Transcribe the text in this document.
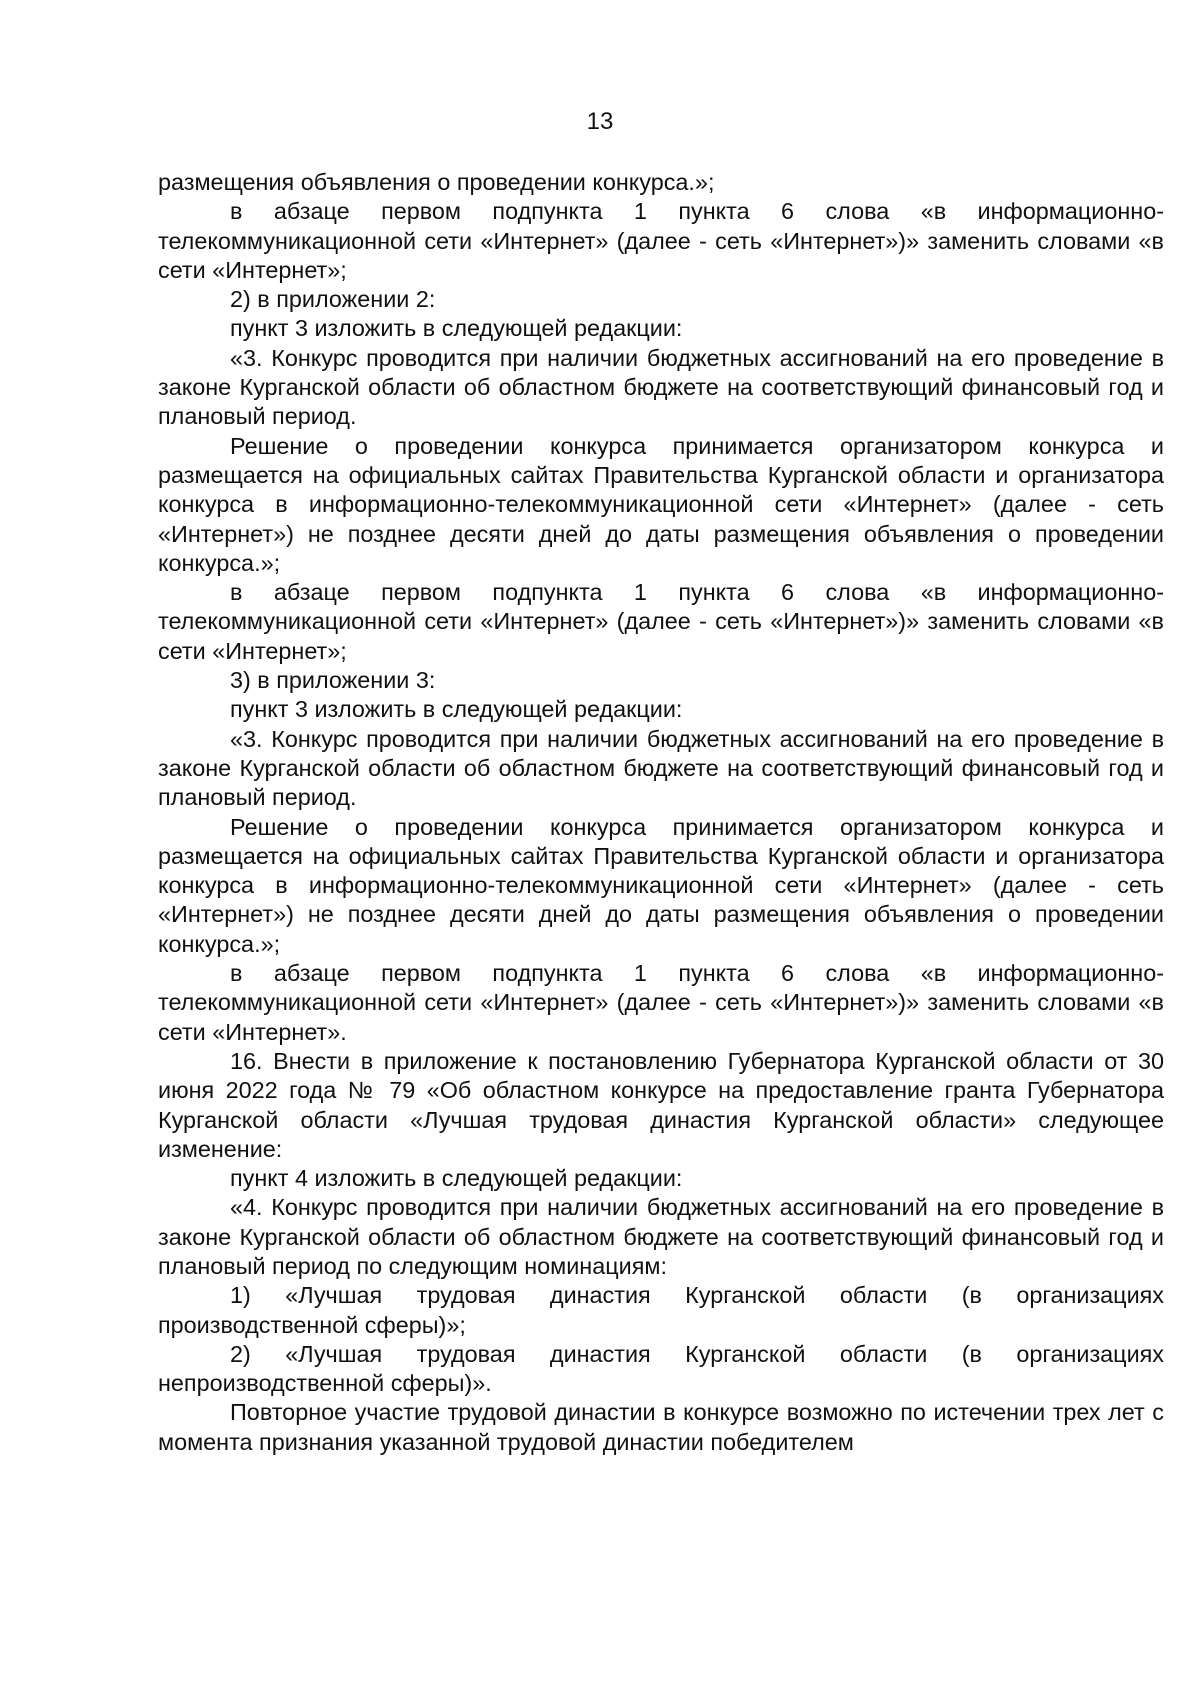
13

размещения объявления о проведении конкурса.»;

в абзаце первом подпункта 1 пункта 6 слова «в информационно-телекоммуникационной сети «Интернет» (далее - сеть «Интернет»)» заменить словами «в сети «Интернет»;

2) в приложении 2:

пункт 3 изложить в следующей редакции:

«3. Конкурс проводится при наличии бюджетных ассигнований на его проведение в законе Курганской области об областном бюджете на соответствующий финансовый год и плановый период.

Решение о проведении конкурса принимается организатором конкурса и размещается на официальных сайтах Правительства Курганской области и организатора конкурса в информационно-телекоммуникационной сети «Интернет» (далее - сеть «Интернет») не позднее десяти дней до даты размещения объявления о проведении конкурса.»;

в абзаце первом подпункта 1 пункта 6 слова «в информационно-телекоммуникационной сети «Интернет» (далее - сеть «Интернет»)» заменить словами «в сети «Интернет»;

3) в приложении 3:

пункт 3 изложить в следующей редакции:

«3. Конкурс проводится при наличии бюджетных ассигнований на его проведение в законе Курганской области об областном бюджете на соответствующий финансовый год и плановый период.

Решение о проведении конкурса принимается организатором конкурса и размещается на официальных сайтах Правительства Курганской области и организатора конкурса в информационно-телекоммуникационной сети «Интернет» (далее - сеть «Интернет») не позднее десяти дней до даты размещения объявления о проведении конкурса.»;

в абзаце первом подпункта 1 пункта 6 слова «в информационно-телекоммуникационной сети «Интернет» (далее - сеть «Интернет»)» заменить словами «в сети «Интернет».

16. Внести в приложение к постановлению Губернатора Курганской области от 30 июня 2022 года № 79 «Об областном конкурсе на предоставление гранта Губернатора Курганской области «Лучшая трудовая династия Курганской области» следующее изменение:

пункт 4 изложить в следующей редакции:

«4. Конкурс проводится при наличии бюджетных ассигнований на его проведение в законе Курганской области об областном бюджете на соответствующий финансовый год и плановый период по следующим номинациям:

1) «Лучшая трудовая династия Курганской области (в организациях производственной сферы)»;

2) «Лучшая трудовая династия Курганской области (в организациях непроизводственной сферы)».

Повторное участие трудовой династии в конкурсе возможно по истечении трех лет с момента признания указанной трудовой династии победителем
